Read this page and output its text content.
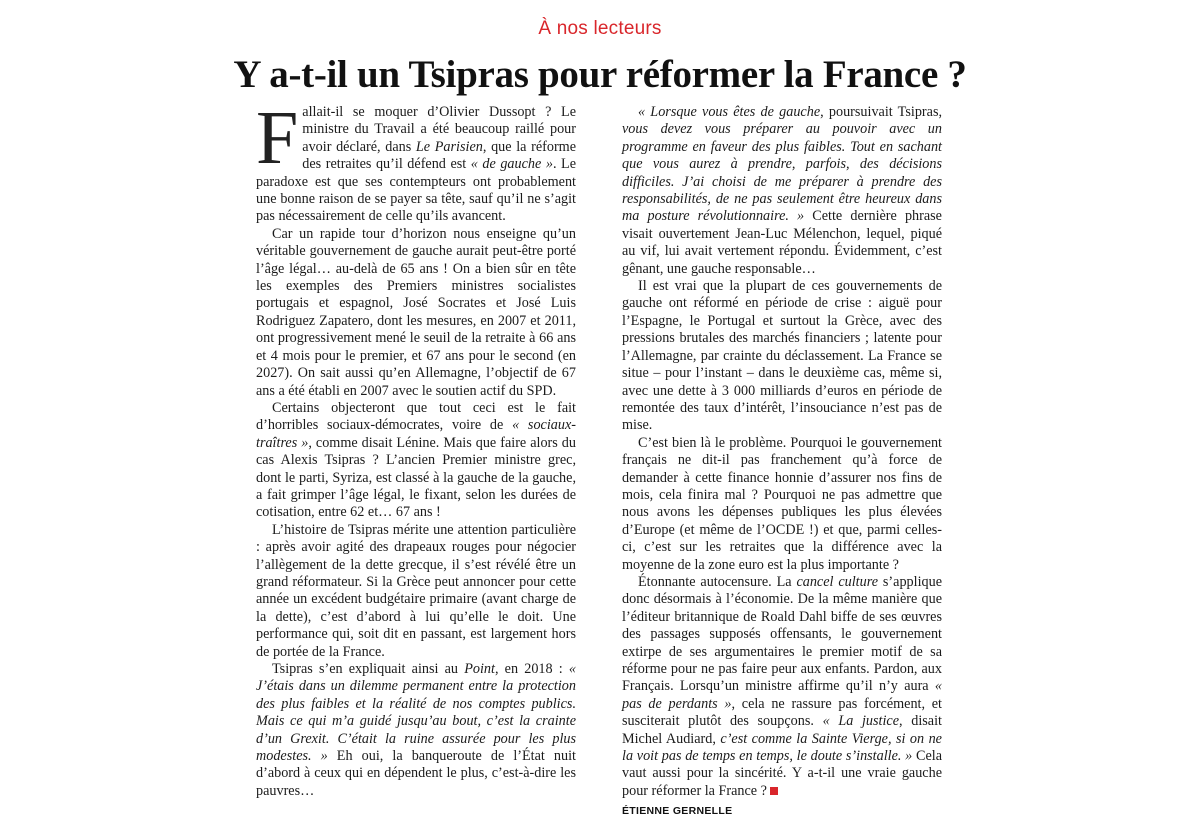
À nos lecteurs
Y a-t-il un Tsipras pour réformer la France ?

Fallait-il se moquer d’Olivier Dussopt ? Le ministre du Travail a été beaucoup raillé pour avoir déclaré, dans Le Parisien, que la réforme des retraites qu’il défend est « de gauche ». Le paradoxe est que ses contempteurs ont probablement une bonne raison de se payer sa tête, sauf qu’il ne s’agit pas nécessairement de celle qu’ils avancent.

Car un rapide tour d’horizon nous enseigne qu’un véritable gouvernement de gauche aurait peut-être porté l’âge légal… au-delà de 65 ans ! On a bien sûr en tête les exemples des Premiers ministres socialistes portugais et espagnol, José Socrates et José Luis Rodriguez Zapatero, dont les mesures, en 2007 et 2011, ont progressivement mené le seuil de la retraite à 66 ans et 4 mois pour le premier, et 67 ans pour le second (en 2027). On sait aussi qu’en Allemagne, l’objectif de 67 ans a été établi en 2007 avec le soutien actif du SPD.

Certains objecteront que tout ceci est le fait d’horribles sociaux-démocrates, voire de « sociaux-traîtres », comme disait Lénine. Mais que faire alors du cas Alexis Tsipras ? L’ancien Premier ministre grec, dont le parti, Syriza, est classé à la gauche de la gauche, a fait grimper l’âge légal, le fixant, selon les durées de cotisation, entre 62 et… 67 ans !

L’histoire de Tsipras mérite une attention particulière : après avoir agité des drapeaux rouges pour négocier l’allègement de la dette grecque, il s’est révélé être un grand réformateur. Si la Grèce peut annoncer pour cette année un excédent budgétaire primaire (avant charge de la dette), c’est d’abord à lui qu’elle le doit. Une performance qui, soit dit en passant, est largement hors de portée de la France.

Tsipras s’en expliquait ainsi au Point, en 2018 : « J’étais dans un dilemme permanent entre la protection des plus faibles et la réalité de nos comptes publics. Mais ce qui m’a guidé jusqu’au bout, c’est la crainte d’un Grexit. C’était la ruine assurée pour les plus modestes. » Eh oui, la banqueroute de l’État nuit d’abord à ceux qui en dépendent le plus, c’est-à-dire les pauvres…

« Lorsque vous êtes de gauche, poursuivait Tsipras, vous devez vous préparer au pouvoir avec un programme en faveur des plus faibles. Tout en sachant que vous aurez à prendre, parfois, des décisions difficiles. J’ai choisi de me préparer à prendre des responsabilités, de ne pas seulement être heureux dans ma posture révolutionnaire. » Cette dernière phrase visait ouvertement Jean-Luc Mélenchon, lequel, piqué au vif, lui avait vertement répondu. Évidemment, c’est gênant, une gauche responsable…

Il est vrai que la plupart de ces gouvernements de gauche ont réformé en période de crise : aiguë pour l’Espagne, le Portugal et surtout la Grèce, avec des pressions brutales des marchés financiers ; latente pour l’Allemagne, par crainte du déclassement. La France se situe – pour l’instant – dans le deuxième cas, même si, avec une dette à 3 000 milliards d’euros en période de remontée des taux d’intérêt, l’insouciance n’est pas de mise.

C’est bien là le problème. Pourquoi le gouvernement français ne dit-il pas franchement qu’à force de demander à cette finance honnie d’assurer nos fins de mois, cela finira mal ? Pourquoi ne pas admettre que nous avons les dépenses publiques les plus élevées d’Europe (et même de l’OCDE !) et que, parmi celles-ci, c’est sur les retraites que la différence avec la moyenne de la zone euro est la plus importante ?

Étonnante autocensure. La cancel culture s’applique donc désormais à l’économie. De la même manière que l’éditeur britannique de Roald Dahl biffe de ses œuvres des passages supposés offensants, le gouvernement extirpe de ses argumentaires le premier motif de sa réforme pour ne pas faire peur aux enfants. Pardon, aux Français. Lorsqu’un ministre affirme qu’il n’y aura « pas de perdants », cela ne rassure pas forcément, et susciterait plutôt des soupçons. « La justice, disait Michel Audiard, c’est comme la Sainte Vierge, si on ne la voit pas de temps en temps, le doute s’installe. » Cela vaut aussi pour la sincérité. Y a-t-il une vraie gauche pour réformer la France ?

ÉTIENNE GERNELLE
